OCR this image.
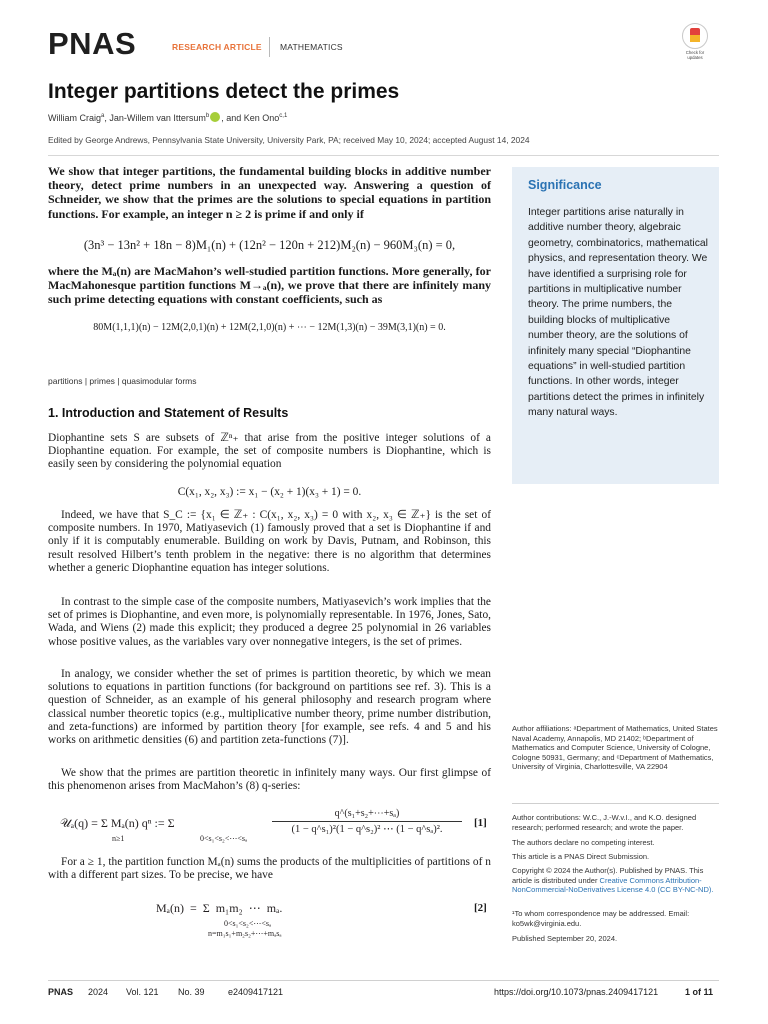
PNAS	RESEARCH ARTICLE MATHEMATICS
Check for updates
Integer partitions detect the primes
William Craig$^a$, Jan-Willem van Ittersum$^b$ , and Ken Ono$^{c,1}$
Edited by George Andrews, Pennsylvania State University, University Park, PA; received May 10, 2024; accepted August 14, 2024
We show that integer partitions, the fundamental building blocks in additive number theory, detect prime numbers in an unexpected way. Answering a question of Schneider, we show that the primes are the solutions to special equations in partition functions. For example, an integer n ≥ 2 is prime if and only if
(3n³ − 13n² + 18n − 8)M₁(n) + (12n² − 120n + 212)M₂(n) − 960M₃(n) = 0,
where the Mₐ(n) are MacMahon’s well-studied partition functions. More generally, for MacMahonesque partition functions M→ₐ(n), we prove that there are infinitely many such prime detecting equations with constant coefficients, such as
80M(1,1,1)(n) − 12M(2,0,1)(n) + 12M(2,1,0)(n) + ⋯ − 12M(1,3)(n) − 39M(3,1)(n) = 0.
partitions | primes | quasimodular forms
Significance
Integer partitions arise naturally in additive number theory, algebraic geometry, combinatorics, mathematical physics, and representation theory. We have identified a surprising role for partitions in multiplicative number theory. The prime numbers, the building blocks of multiplicative number theory, are the solutions of infinitely many special “Diophantine equations” in well-studied partition functions. In other words, integer partitions detect the primes in infinitely many natural ways.
1. Introduction and Statement of Results
Diophantine sets S are subsets of ℤⁿ₊ that arise from the positive integer solutions of a Diophantine equation. For example, the set of composite numbers is Diophantine, which is easily seen by considering the polynomial equation
C(x₁, x₂, x₃) := x₁ − (x₂ + 1)(x₃ + 1) = 0.
Indeed, we have that S_C := {x₁ ∈ ℤ₊ : C(x₁, x₂, x₃) = 0 with x₂, x₃ ∈ ℤ₊} is the set of composite numbers. In 1970, Matiyasevich (1) famously proved that a set is Diophantine if and only if it is computably enumerable. Building on work by Davis, Putnam, and Robinson, this result resolved Hilbert’s tenth problem in the negative: there is no algorithm that determines whether a generic Diophantine equation has integer solutions.
In contrast to the simple case of the composite numbers, Matiyasevich’s work implies that the set of primes is Diophantine, and even more, is polynomially representable. In 1976, Jones, Sato, Wada, and Wiens (2) made this explicit; they produced a degree 25 polynomial in 26 variables whose positive values, as the variables vary over nonnegative integers, is the set of primes.
In analogy, we consider whether the set of primes is partition theoretic, by which we mean solutions to equations in partition functions (for background on partitions see ref. 3). This is a question of Schneider, as an example of his general philosophy and research program where classical number theoretic topics (e.g., multiplicative number theory, prime number distribution, and zeta-functions) are informed by partition theory [for example, see refs. 4 and 5 and his works on arithmetic densities (6) and partition zeta-functions (7)].
We show that the primes are partition theoretic in infinitely many ways. Our first glimpse of this phenomenon arises from MacMahon’s (8) q-series:
𝒰ₐ(q) = Σ Mₐ(n) qⁿ := Σ
n≥1	0<s₁<s₂<⋯<sₐ
q^(s₁+s₂+⋯+sₐ)
(1 − q^s₁)²(1 − q^s₂)² ⋯ (1 − q^sₐ)².
[1]
For a ≥ 1, the partition function Mₐ(n) sums the products of the multiplicities of partitions of n with a different part sizes. To be precise, we have
Mₐ(n) = Σ m₁m₂ ⋯ mₐ.
0<s₁<s₂<⋯<sₐ
n=m₁s₁+m₂s₂+⋯+mₐsₐ
[2]
Author affiliations: ᵃDepartment of Mathematics, United States Naval Academy, Annapolis, MD 21402; ᵇDepartment of Mathematics and Computer Science, University of Cologne, Cologne 50931, Germany; and ᶜDepartment of Mathematics, University of Virginia, Charlottesville, VA 22904
Author contributions: W.C., J.-W.v.I., and K.O. designed research; performed research; and wrote the paper.
The authors declare no competing interest.
This article is a PNAS Direct Submission.
Copyright © 2024 the Author(s). Published by PNAS. This article is distributed under Creative Commons Attribution-NonCommercial-NoDerivatives License 4.0 (CC BY-NC-ND).
¹To whom correspondence may be addressed. Email: ko5wk@virginia.edu.
Published September 20, 2024.
PNAS 2024 Vol. 121 No. 39	e2409417121	https://doi.org/10.1073/pnas.2409417121	1 of 11
